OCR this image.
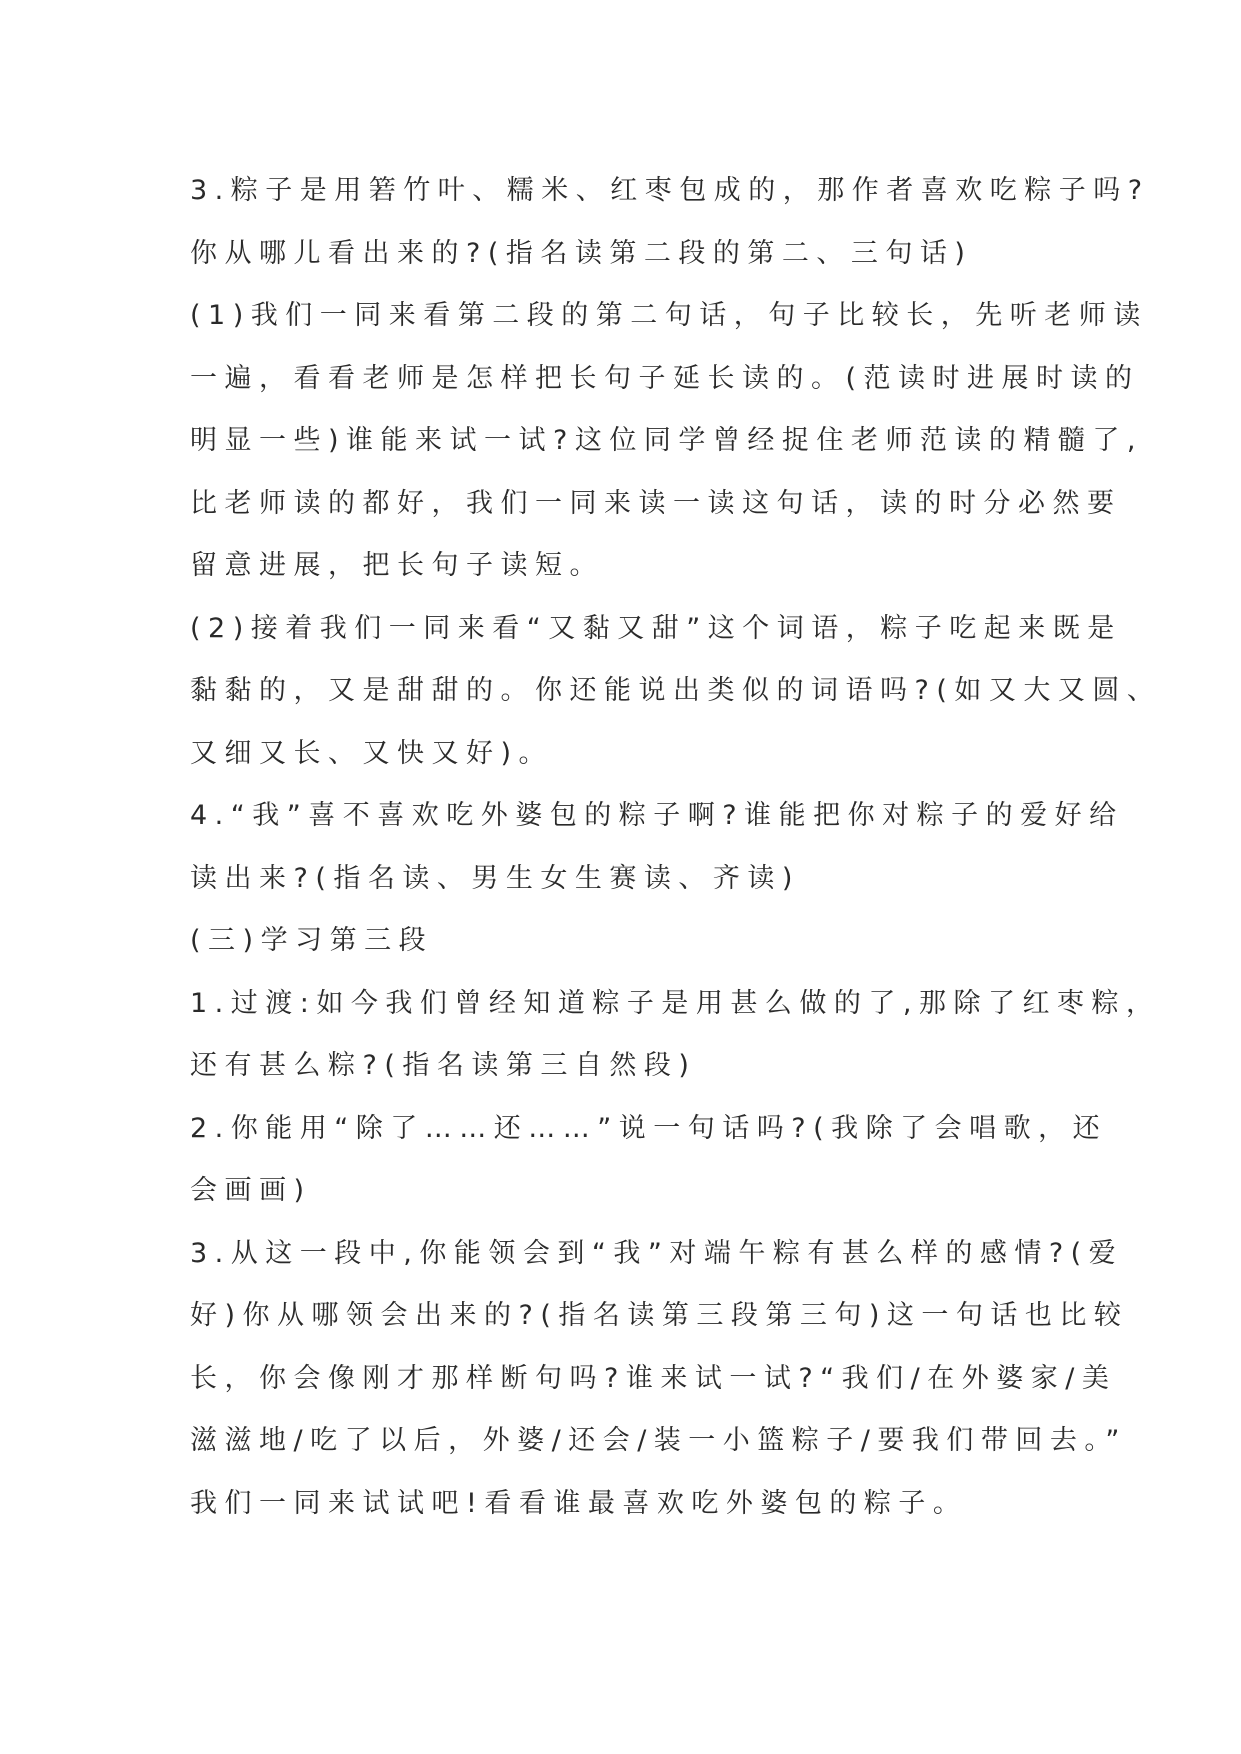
3.粽子是用箬竹叶、糯米、红枣包成的，那作者喜欢吃粽子吗?
你从哪儿看出来的?(指名读第二段的第二、三句话)
(1)我们一同来看第二段的第二句话，句子比较长，先听老师读
一遍，看看老师是怎样把长句子延长读的。(范读时进展时读的
明显一些)谁能来试一试?这位同学曾经捉住老师范读的精髓了,
比老师读的都好，我们一同来读一读这句话，读的时分必然要
留意进展，把长句子读短。
(2)接着我们一同来看“又黏又甜”这个词语，粽子吃起来既是
黏黏的，又是甜甜的。你还能说出类似的词语吗?(如又大又圆、
又细又长、又快又好)。
4.“我”喜不喜欢吃外婆包的粽子啊?谁能把你对粽子的爱好给
读出来?(指名读、男生女生赛读、齐读)
(三)学习第三段
1.过渡:如今我们曾经知道粽子是用甚么做的了,那除了红枣粽，
还有甚么粽?(指名读第三自然段)
2.你能用“除了……还……”说一句话吗?(我除了会唱歌，还
会画画)
3.从这一段中,你能领会到“我”对端午粽有甚么样的感情?(爱
好)你从哪领会出来的?(指名读第三段第三句)这一句话也比较
长，你会像刚才那样断句吗?谁来试一试?“我们/在外婆家/美
滋滋地/吃了以后，外婆/还会/装一小篮粽子/要我们带回去。”
我们一同来试试吧!看看谁最喜欢吃外婆包的粽子。
